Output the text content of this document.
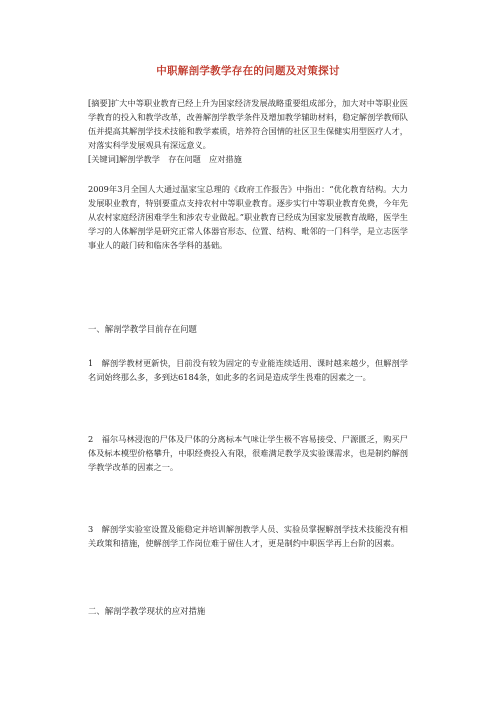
中职解剖学教学存在的问题及对策探讨
[摘要]扩大中等职业教育已经上升为国家经济发展战略重要组成部分，加大对中等职业医学教育的投入和教学改革，改善解剖学教学条件及增加教学辅助材料，稳定解剖学教师队伍并提高其解剖学技术技能和教学素质，培养符合国情的社区卫生保健实用型医疗人才，对落实科学发展观具有深远意义。
[关键词]解剖学教学　存在问题　应对措施
2009年3月全国人大通过温家宝总理的《政府工作报告》中指出：“优化教育结构。大力发展职业教育，特别要重点支持农村中等职业教育。逐步实行中等职业教育免费，今年先从农村家庭经济困难学生和涉农专业做起。”职业教育已经成为国家发展教育战略，医学生学习的人体解剖学是研究正常人体器官形态、位置、结构、毗邻的一门科学，是立志医学事业人的敲门砖和临床各学科的基础。
一、解剖学教学目前存在问题
1　解剖学教材更新快，目前没有较为固定的专业能连续适用、课时越来越少，但解剖学名词始终那么多，多到达6184条，如此多的名词是造成学生畏难的因素之一。
2　福尔马林浸泡的尸体及尸体的分离标本气味让学生极不容易接受、尸源匮乏，购买尸体及标本模型价格攀升，中职经费投入有限，很难满足教学及实验课需求，也是制约解剖学教学改革的因素之一。
3　解剖学实验室设置及能稳定并培训解剖教学人员、实验员掌握解剖学技术技能没有相关政策和措施，使解剖学工作岗位难于留住人才，更是制约中职医学再上台阶的因素。
二、解剖学教学现状的应对措施
